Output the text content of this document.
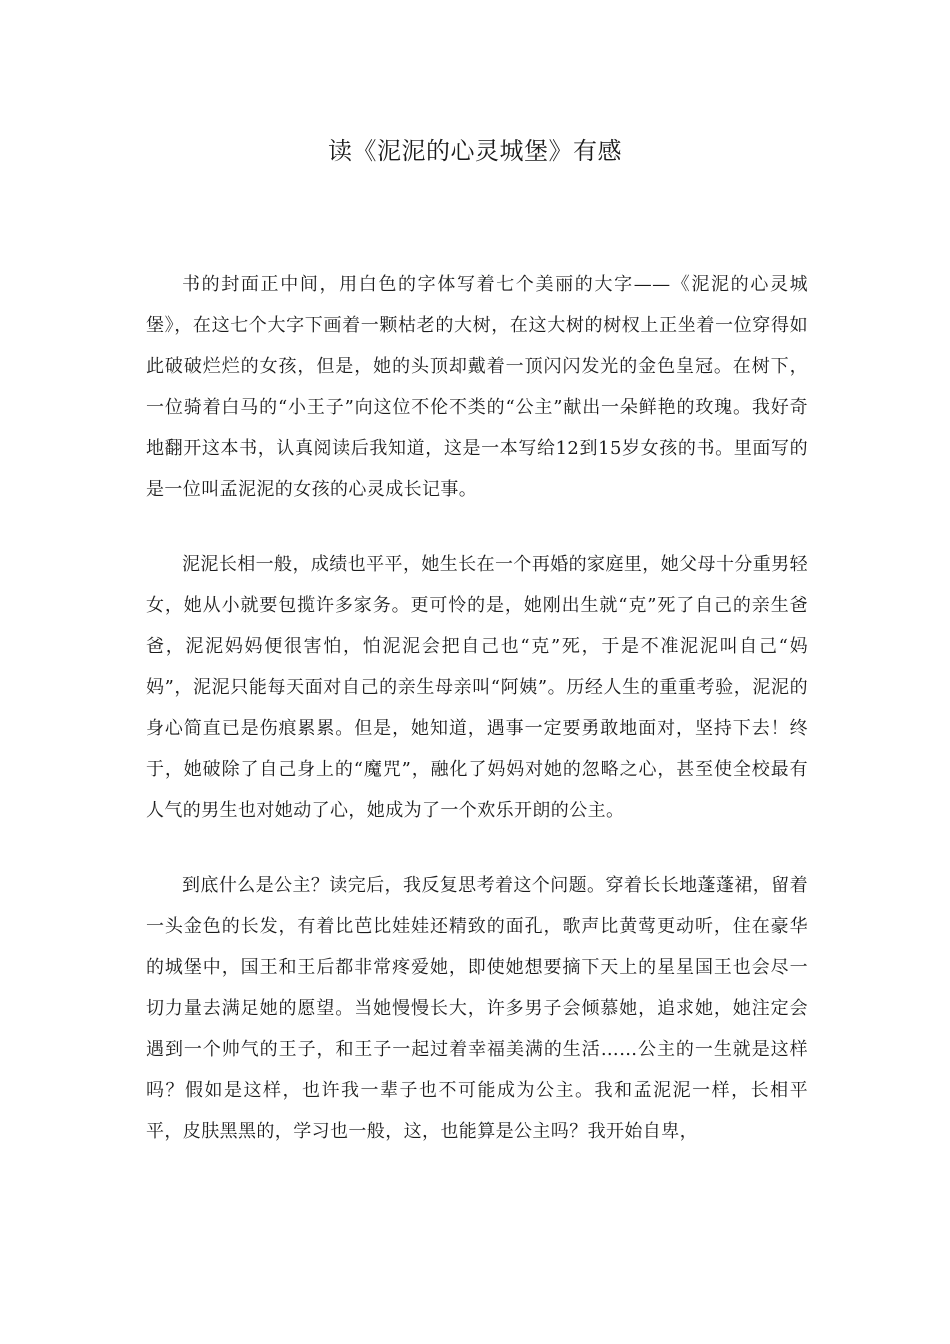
读《泥泥的心灵城堡》有感

书的封面正中间，用白色的字体写着七个美丽的大字——《泥泥的心灵城堡》，在这七个大字下画着一颗枯老的大树，在这大树的树杈上正坐着一位穿得如此破破烂烂的女孩，但是，她的头顶却戴着一顶闪闪发光的金色皇冠。在树下，一位骑着白马的“小王子”向这位不伦不类的“公主”献出一朵鲜艳的玫瑰。我好奇地翻开这本书，认真阅读后我知道，这是一本写给12到15岁女孩的书。里面写的是一位叫孟泥泥的女孩的心灵成长记事。

泥泥长相一般，成绩也平平，她生长在一个再婚的家庭里，她父母十分重男轻女，她从小就要包揽许多家务。更可怜的是，她刚出生就“克”死了自己的亲生爸爸，泥泥妈妈便很害怕，怕泥泥会把自己也“克”死，于是不准泥泥叫自己“妈妈”，泥泥只能每天面对自己的亲生母亲叫“阿姨”。历经人生的重重考验，泥泥的身心简直已是伤痕累累。但是，她知道，遇事一定要勇敢地面对，坚持下去！终于，她破除了自己身上的“魔咒”，融化了妈妈对她的忽略之心，甚至使全校最有人气的男生也对她动了心，她成为了一个欢乐开朗的公主。

到底什么是公主？读完后，我反复思考着这个问题。穿着长长地蓬蓬裙，留着一头金色的长发，有着比芭比娃娃还精致的面孔，歌声比黄莺更动听，住在豪华的城堡中，国王和王后都非常疼爱她，即使她想要摘下天上的星星国王也会尽一切力量去满足她的愿望。当她慢慢长大，许多男子会倾慕她，追求她，她注定会遇到一个帅气的王子，和王子一起过着幸福美满的生活……公主的一生就是这样吗？假如是这样，也许我一辈子也不可能成为公主。我和孟泥泥一样，长相平平，皮肤黑黑的，学习也一般，这，也能算是公主吗？我开始自卑，
